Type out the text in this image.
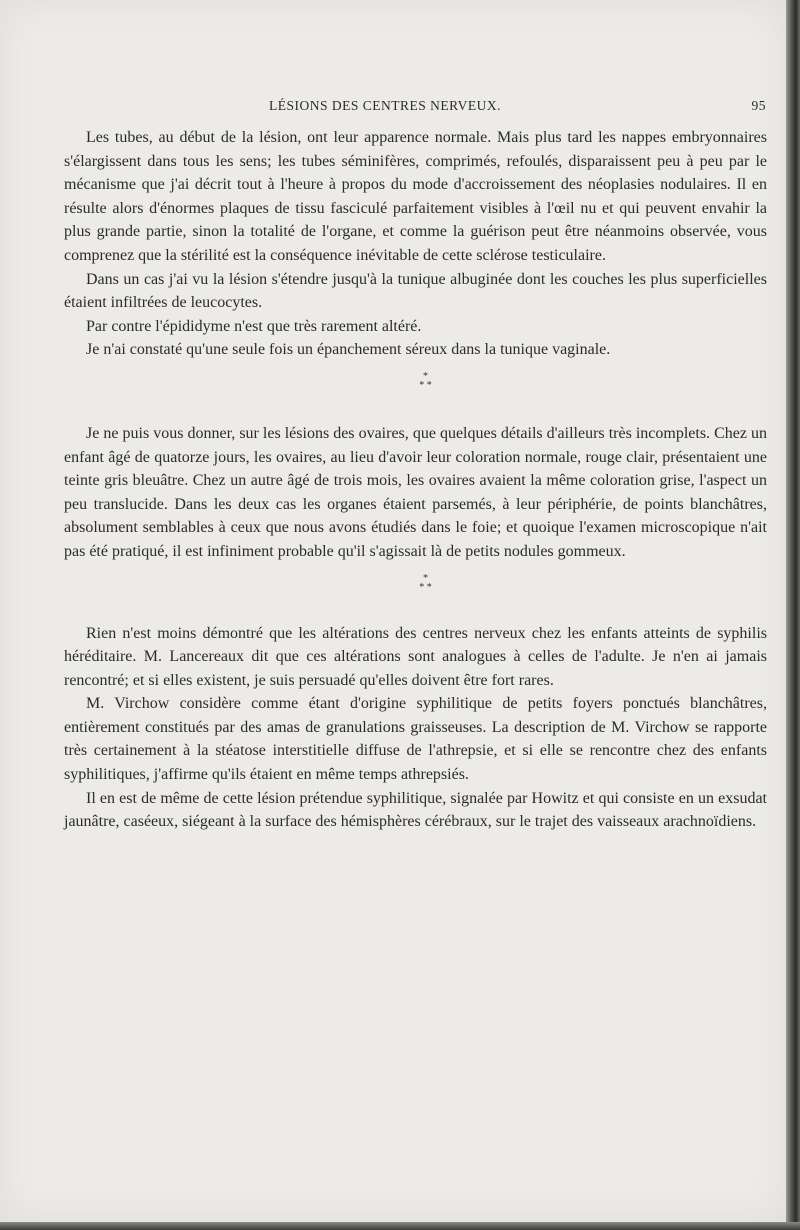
LÉSIONS DES CENTRES NERVEUX.	95

Les tubes, au début de la lésion, ont leur apparence normale. Mais plus tard les nappes embryonnaires s'élargissent dans tous les sens; les tubes séminifères, comprimés, refoulés, disparaissent peu à peu par le mécanisme que j'ai décrit tout à l'heure à propos du mode d'accroissement des néoplasies nodulaires. Il en résulte alors d'énormes plaques de tissu fasciculé parfaitement visibles à l'œil nu et qui peuvent envahir la plus grande partie, sinon la totalité de l'organe, et comme la guérison peut être néanmoins observée, vous comprenez que la stérilité est la conséquence inévitable de cette sclérose testiculaire.

Dans un cas j'ai vu la lésion s'étendre jusqu'à la tunique albuginée dont les couches les plus superficielles étaient infiltrées de leucocytes.

Par contre l'épididyme n'est que très rarement altéré.

Je n'ai constaté qu'une seule fois un épanchement séreux dans la tunique vaginale.

*
* *

Je ne puis vous donner, sur les lésions des ovaires, que quelques détails d'ailleurs très incomplets. Chez un enfant âgé de quatorze jours, les ovaires, au lieu d'avoir leur coloration normale, rouge clair, présentaient une teinte gris bleuâtre. Chez un autre âgé de trois mois, les ovaires avaient la même coloration grise, l'aspect un peu translucide. Dans les deux cas les organes étaient parsemés, à leur périphérie, de points blanchâtres, absolument semblables à ceux que nous avons étudiés dans le foie; et quoique l'examen microscopique n'ait pas été pratiqué, il est infiniment probable qu'il s'agissait là de petits nodules gommeux.

*
* *

Rien n'est moins démontré que les altérations des centres nerveux chez les enfants atteints de syphilis héréditaire. M. Lancereaux dit que ces altérations sont analogues à celles de l'adulte. Je n'en ai jamais rencontré; et si elles existent, je suis persuadé qu'elles doivent être fort rares.

M. Virchow considère comme étant d'origine syphilitique de petits foyers ponctués blanchâtres, entièrement constitués par des amas de granulations graisseuses. La description de M. Virchow se rapporte très certainement à la stéatose interstitielle diffuse de l'athrepsie, et si elle se rencontre chez des enfants syphilitiques, j'affirme qu'ils étaient en même temps athrepsiés.

Il en est de même de cette lésion prétendue syphilitique, signalée par Howitz et qui consiste en un exsudat jaunâtre, caséeux, siégeant à la surface des hémisphères cérébraux, sur le trajet des vaisseaux arachnoïdiens.
